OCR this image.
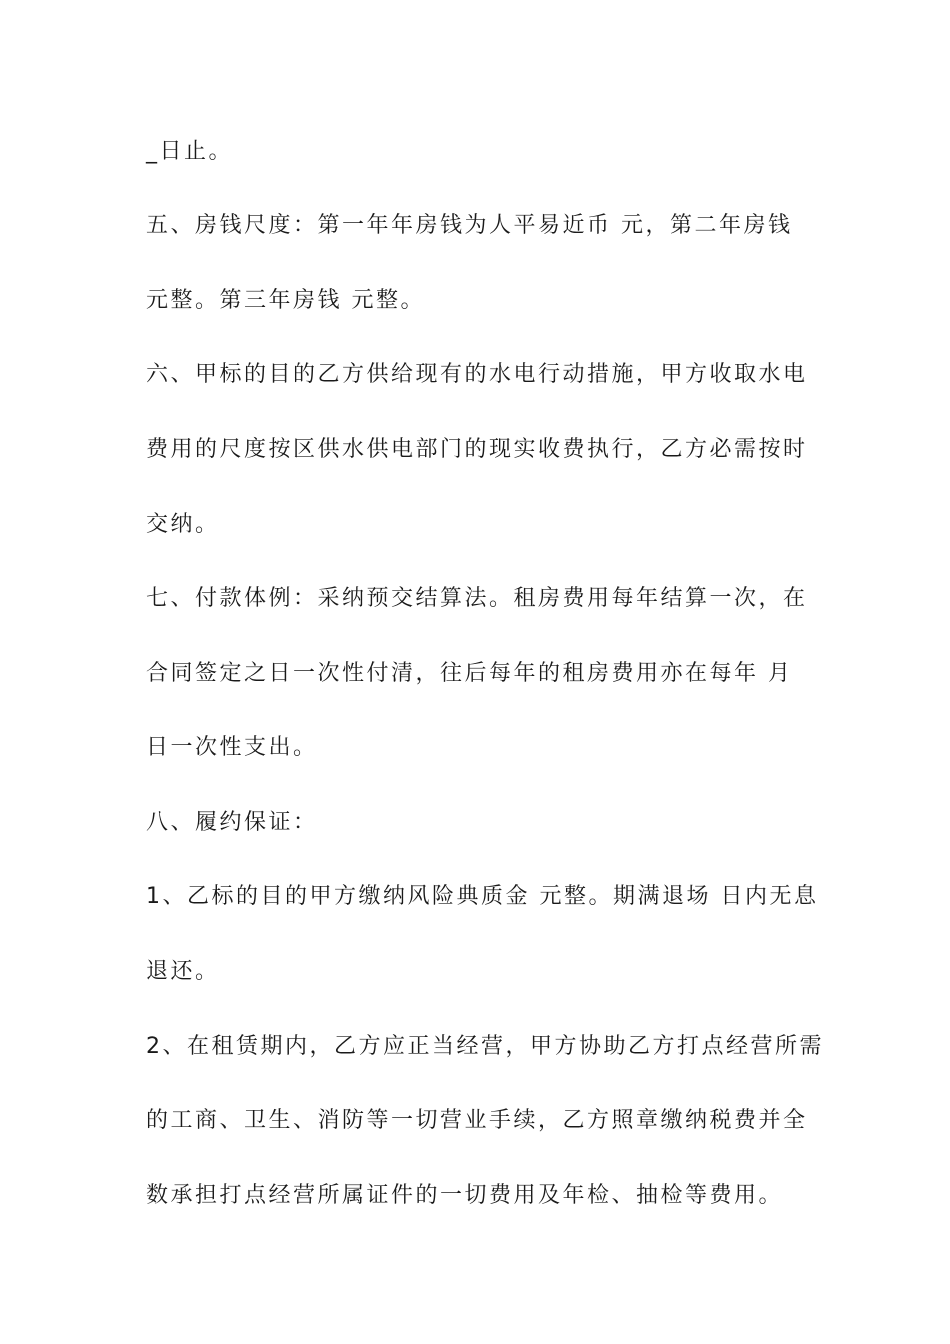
_日止。

五、房钱尺度：第一年年房钱为人平易近币 元，第二年房钱

元整。第三年房钱 元整。

六、甲标的目的乙方供给现有的水电行动措施，甲方收取水电

费用的尺度按区供水供电部门的现实收费执行，乙方必需按时

交纳。

七、付款体例：采纳预交结算法。租房费用每年结算一次，在

合同签定之日一次性付清，往后每年的租房费用亦在每年 月

日一次性支出。

八、履约保证：

1、乙标的目的甲方缴纳风险典质金 元整。期满退场 日内无息

退还。

2、在租赁期内，乙方应正当经营，甲方协助乙方打点经营所需

的工商、卫生、消防等一切营业手续，乙方照章缴纳税费并全

数承担打点经营所属证件的一切费用及年检、抽检等费用。
